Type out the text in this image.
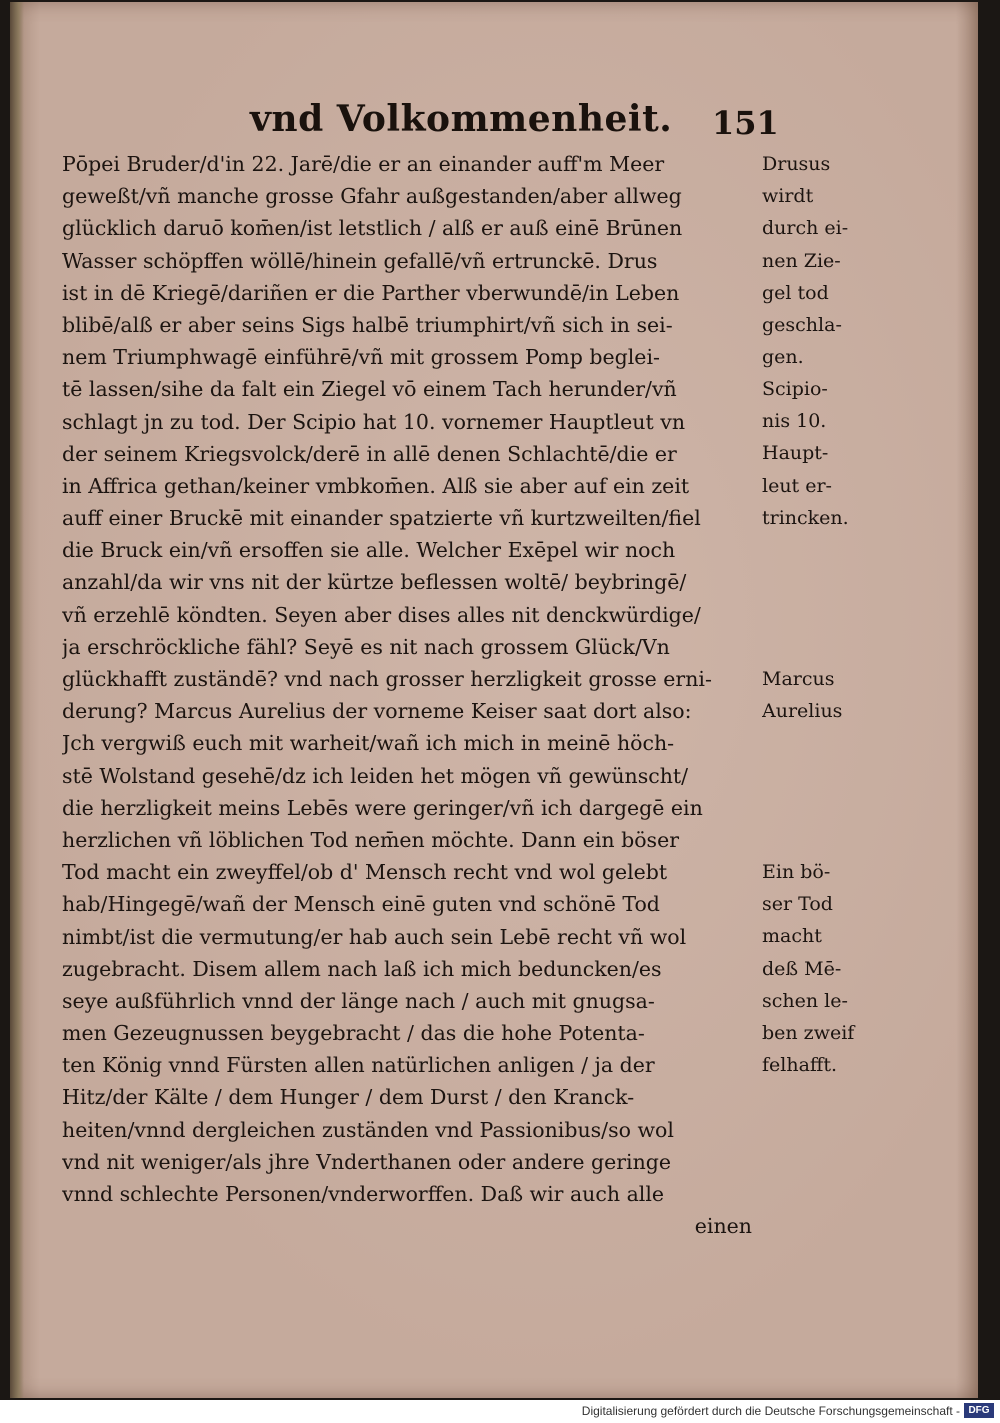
vnd Volkommenheit. 151
Pōpei Bruder/d'in 22. Jarē/die er an einander auff'm Meer
geweßt/vñ manche grosse Gfahr außgestanden/aber allweg
glücklich daruō kom̄en/ist letstlich / alß er auß einē Brūnen
Wasser schöpffen wöllē/hinein gefallē/vñ ertrunckē. Drus
ist in dē Kriegē/dariñen er die Parther vberwundē/in Leben
blibē/alß er aber seins Sigs halbē triumphirt/vñ sich in sei-
nem Triumphwagē einführē/vñ mit grossem Pomp beglei-
tē lassen/sihe da falt ein Ziegel vō einem Tach herunder/vñ
schlagt jn zu tod. Der Scipio hat 10. vornemer Hauptleut vn
der seinem Kriegsvolck/derē in allē denen Schlachtē/die er
in Affrica gethan/keiner vmbkom̄en. Alß sie aber auf ein zeit
auff einer Bruckē mit einander spatzierte vñ kurtzweilten/fiel
die Bruck ein/vñ ersoffen sie alle. Welcher Exēpel wir noch
anzahl/da wir vns nit der kürtze beflessen woltē/ beybringē/
vñ erzehlē köndten. Seyen aber dises alles nit denckwürdige/
ja erschröckliche fähl? Seyē es nit nach grossem Glück/Vn
glückhafft zuständē? vnd nach grosser herzligkeit grosse erni-
derung? Marcus Aurelius der vorneme Keiser saat dort also:
Jch vergwiß euch mit warheit/wañ ich mich in meinē höch-
stē Wolstand gesehē/dz ich leiden het mögen vñ gewünscht/
die herzligkeit meins Lebēs were geringer/vñ ich dargegē ein
herzlichen vñ löblichen Tod nem̄en möchte. Dann ein böser
Tod macht ein zweyffel/ob d' Mensch recht vnd wol gelebt
hab/Hingegē/wañ der Mensch einē guten vnd schönē Tod
nimbt/ist die vermutung/er hab auch sein Lebē recht vñ wol
zugebracht. Disem allem nach laß ich mich beduncken/es
seye außführlich vnnd der länge nach / auch mit gnugsa-
men Gezeugnussen beygebracht / das die hohe Potenta-
ten König vnnd Fürsten allen natürlichen anligen / ja der
Hitz/der Kälte / dem Hunger / dem Durst / den Kranck-
heiten/vnnd dergleichen zuständen vnd Passionibus/so wol
vnd nit weniger/als jhre Vnderthanen oder andere geringe
vnnd schlechte Personen/vnderworffen. Daß wir auch alle
einen
Drusus
wirdt
durch ei-
nen Zie-
gel tod
geschla-
gen.
Scipio-
nis 10.
Haupt-
leut er-
trincken.
Marcus
Aurelius
Ein bö-
ser Tod
macht
deß Mē-
schen le-
ben zweif
felhafft.
Digitalisierung gefördert durch die Deutsche Forschungsgemeinschaft - DFG
